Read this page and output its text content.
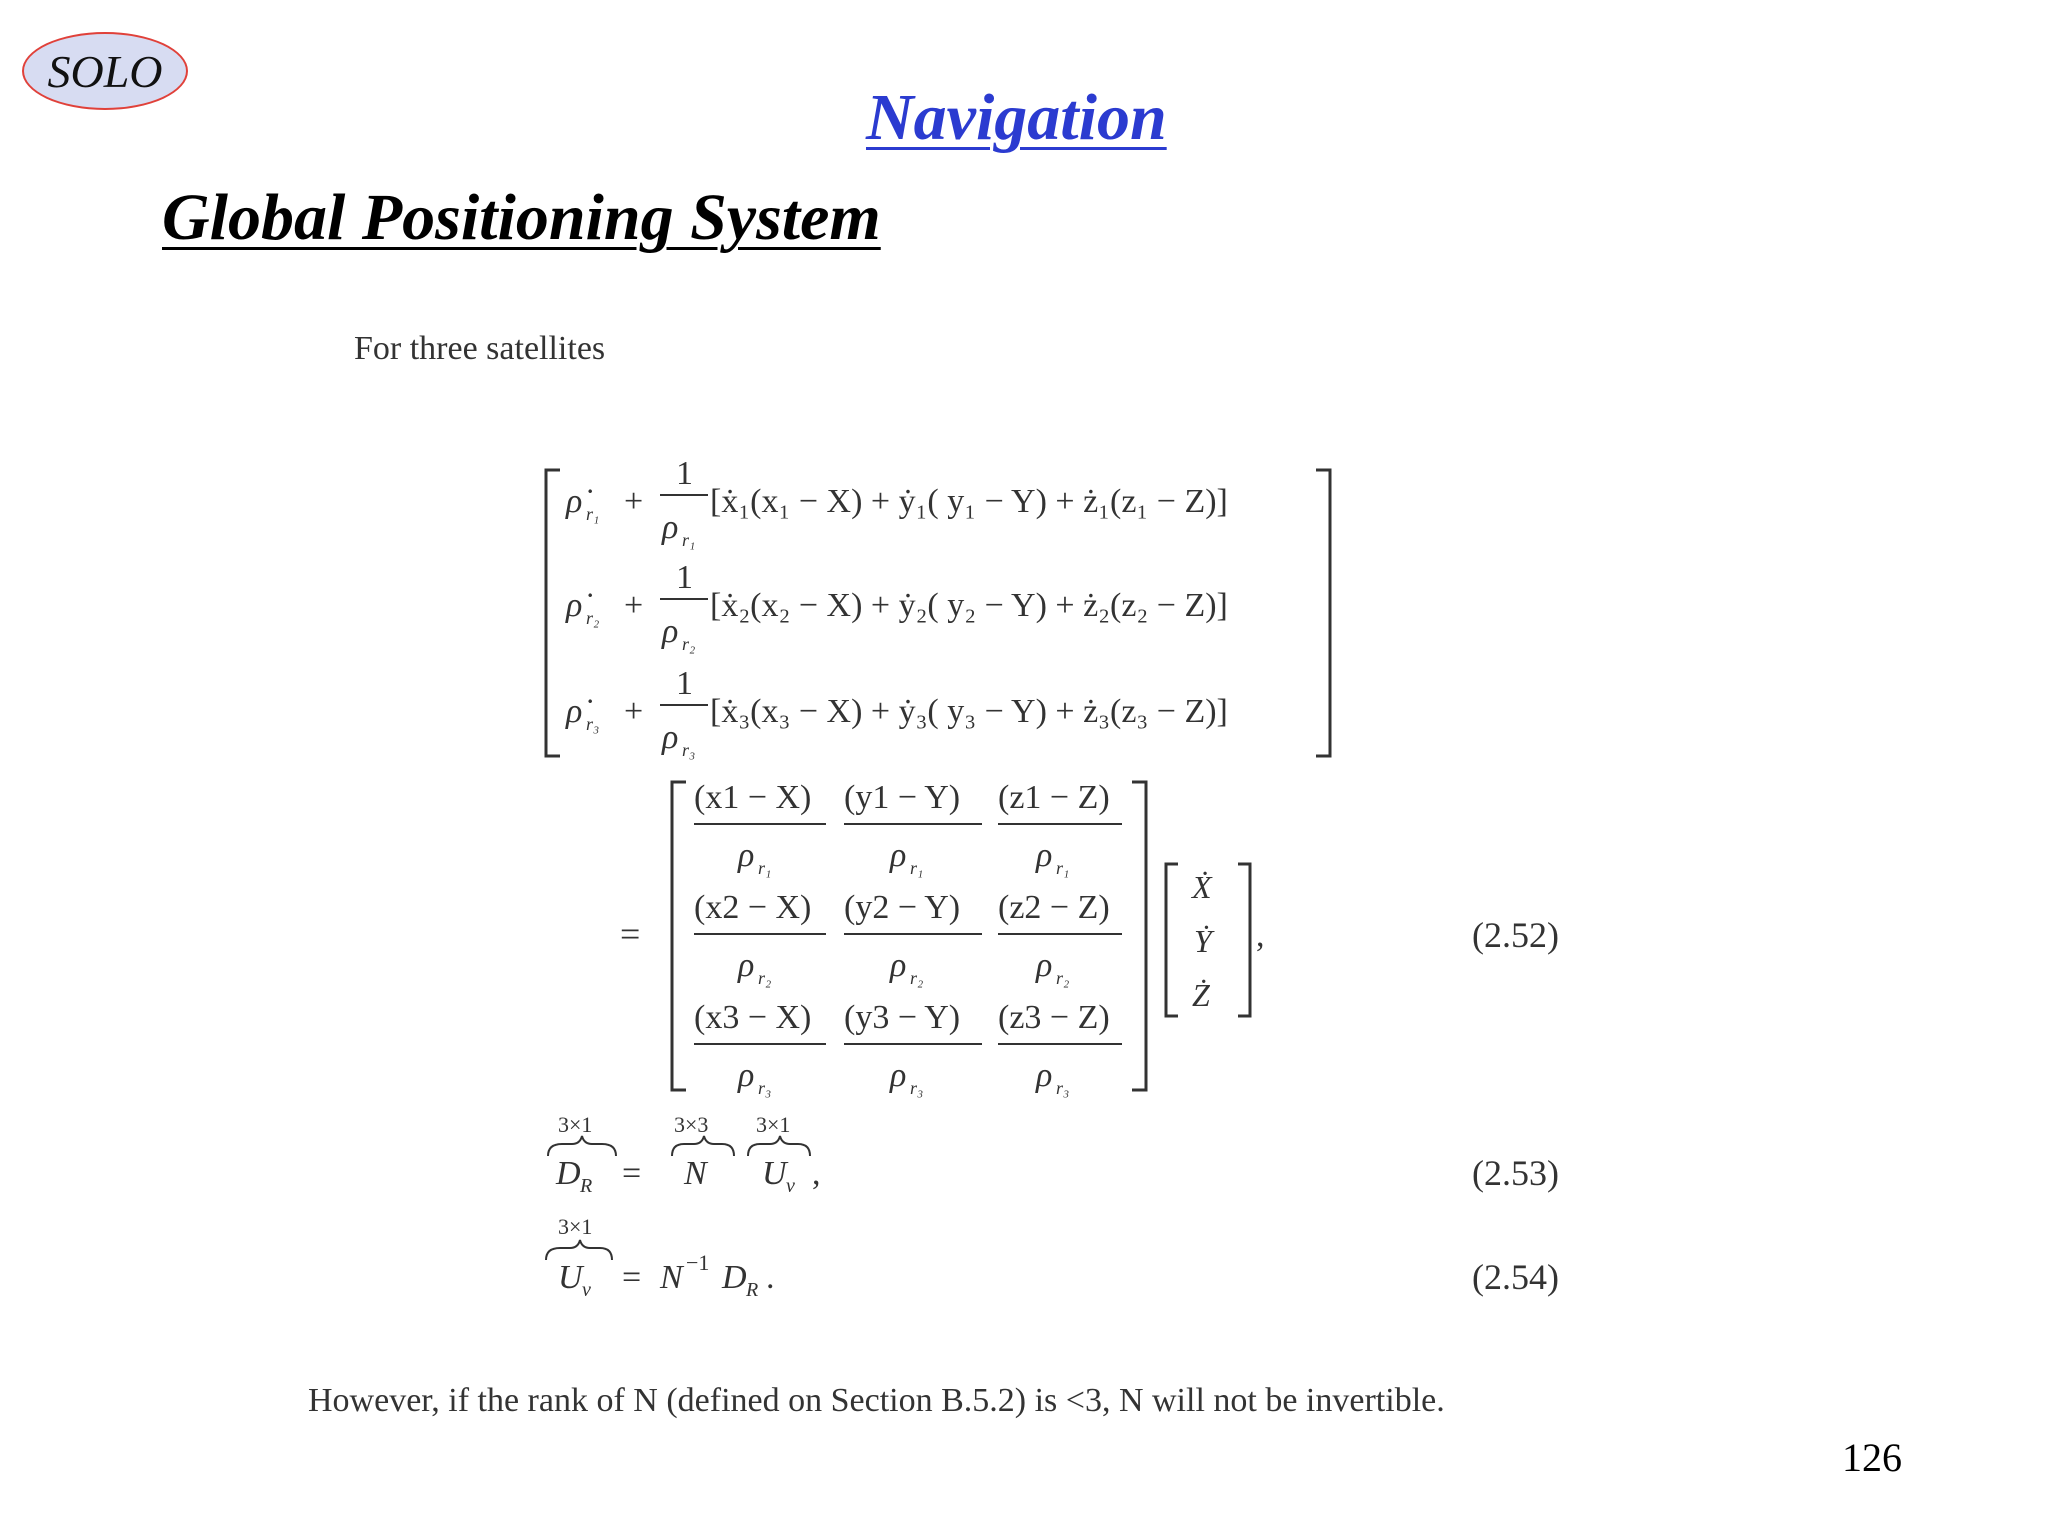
SOLO
Navigation
Global Positioning System
For three satellites
ρ̇ r₁ +
1
ρ r₁
[ẋ₁(x₁ − X) + ẏ₁( y₁ − Y) + ż₁(z₁ − Z)]
ρ̇ r₂ +
1
ρ r₂
[ẋ₂(x₂ − X) + ẏ₂( y₂ − Y) + ż₂(z₂ − Z)]
ρ̇ r₃ +
1
ρ r₃
[ẋ₃(x₃ − X) + ẏ₃( y₃ − Y) + ż₃(z₃ − Z)]
=
(x1 − X)
ρ r₁
(y1 − Y)
ρ r₁
(z1 − Z)
ρ r₁
(x2 − X)
ρ r₂
(y2 − Y)
ρ r₂
(z2 − Z)
ρ r₂
(x3 − X)
ρ r₃
(y3 − Y)
ρ r₃
(z3 − Z)
ρ r₃
Ẋ
Ẏ
Ż
,
3×1	3×3 3×1
D R = N U v ,
3×1
U v = N −1 D R .
(2.52)
(2.53)
(2.54)
However, if the rank of N (defined on Section B.5.2) is <3, N will not be invertible.
126
